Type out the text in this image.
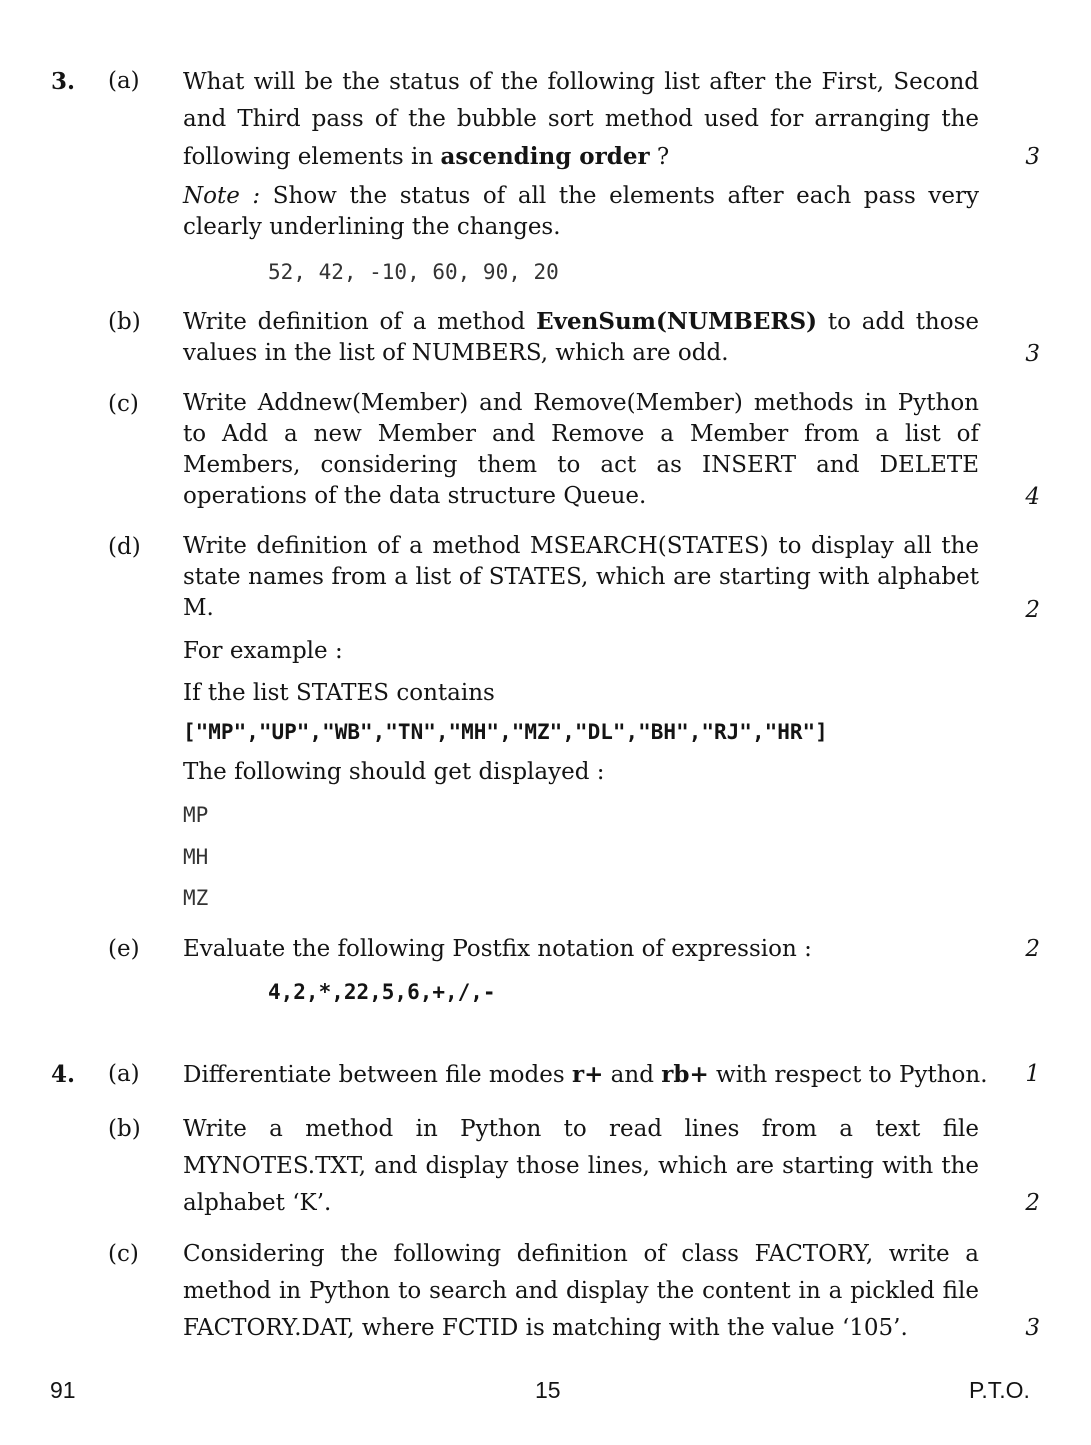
3. (a) What will be the status of the following list after the First, Second and Third pass of the bubble sort method used for arranging the following elements in ascending order ?	3
Note : Show the status of all the elements after each pass very clearly underlining the changes.
52, 42, -10, 60, 90, 20
(b) Write definition of a method EvenSum(NUMBERS) to add those values in the list of NUMBERS, which are odd.	3
(c) Write Addnew(Member) and Remove(Member) methods in Python to Add a new Member and Remove a Member from a list of Members, considering them to act as INSERT and DELETE operations of the data structure Queue.	4
(d) Write definition of a method MSEARCH(STATES) to display all the state names from a list of STATES, which are starting with alphabet M.	2
For example :
If the list STATES contains
["MP","UP","WB","TN","MH","MZ","DL","BH","RJ","HR"]
The following should get displayed :
MP
MH
MZ
(e) Evaluate the following Postfix notation of expression :	2
4,2,*,22,5,6,+,/,-
4. (a) Differentiate between file modes r+ and rb+ with respect to Python.	1
(b) Write a method in Python to read lines from a text file MYNOTES.TXT, and display those lines, which are starting with the alphabet ‘K’.	2
(c) Considering the following definition of class FACTORY, write a method in Python to search and display the content in a pickled file FACTORY.DAT, where FCTID is matching with the value ‘105’.	3
91	15	P.T.O.
